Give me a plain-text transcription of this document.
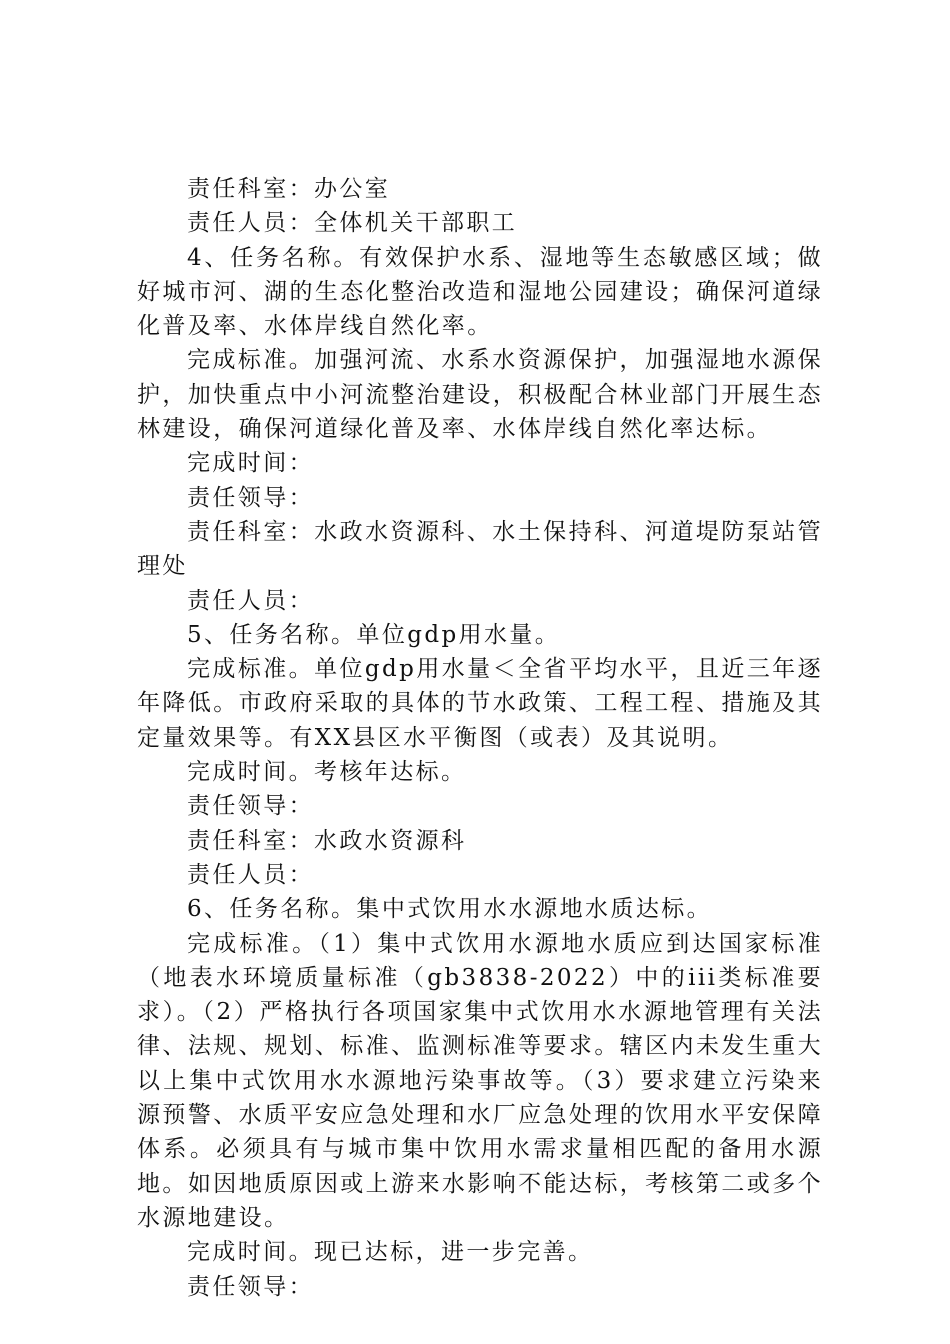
责任科室：办公室

责任人员：全体机关干部职工

4、任务名称。有效保护水系、湿地等生态敏感区域；做好城市河、湖的生态化整治改造和湿地公园建设；确保河道绿化普及率、水体岸线自然化率。

完成标准。加强河流、水系水资源保护，加强湿地水源保护，加快重点中小河流整治建设，积极配合林业部门开展生态林建设，确保河道绿化普及率、水体岸线自然化率达标。

完成时间：

责任领导：

责任科室：水政水资源科、水土保持科、河道堤防泵站管理处

责任人员：

5、任务名称。单位gdp用水量。

完成标准。单位gdp用水量＜全省平均水平，且近三年逐年降低。市政府采取的具体的节水政策、工程工程、措施及其定量效果等。有XX县区水平衡图（或表）及其说明。

完成时间。考核年达标。

责任领导：

责任科室：水政水资源科

责任人员：

6、任务名称。集中式饮用水水源地水质达标。

完成标准。（1）集中式饮用水源地水质应到达国家标准（地表水环境质量标准（gb3838-2022）中的iii类标准要求）。（2）严格执行各项国家集中式饮用水水源地管理有关法律、法规、规划、标准、监测标准等要求。辖区内未发生重大以上集中式饮用水水源地污染事故等。（3）要求建立污染来源预警、水质平安应急处理和水厂应急处理的饮用水平安保障体系。必须具有与城市集中饮用水需求量相匹配的备用水源地。如因地质原因或上游来水影响不能达标，考核第二或多个水源地建设。

完成时间。现已达标，进一步完善。

责任领导：
